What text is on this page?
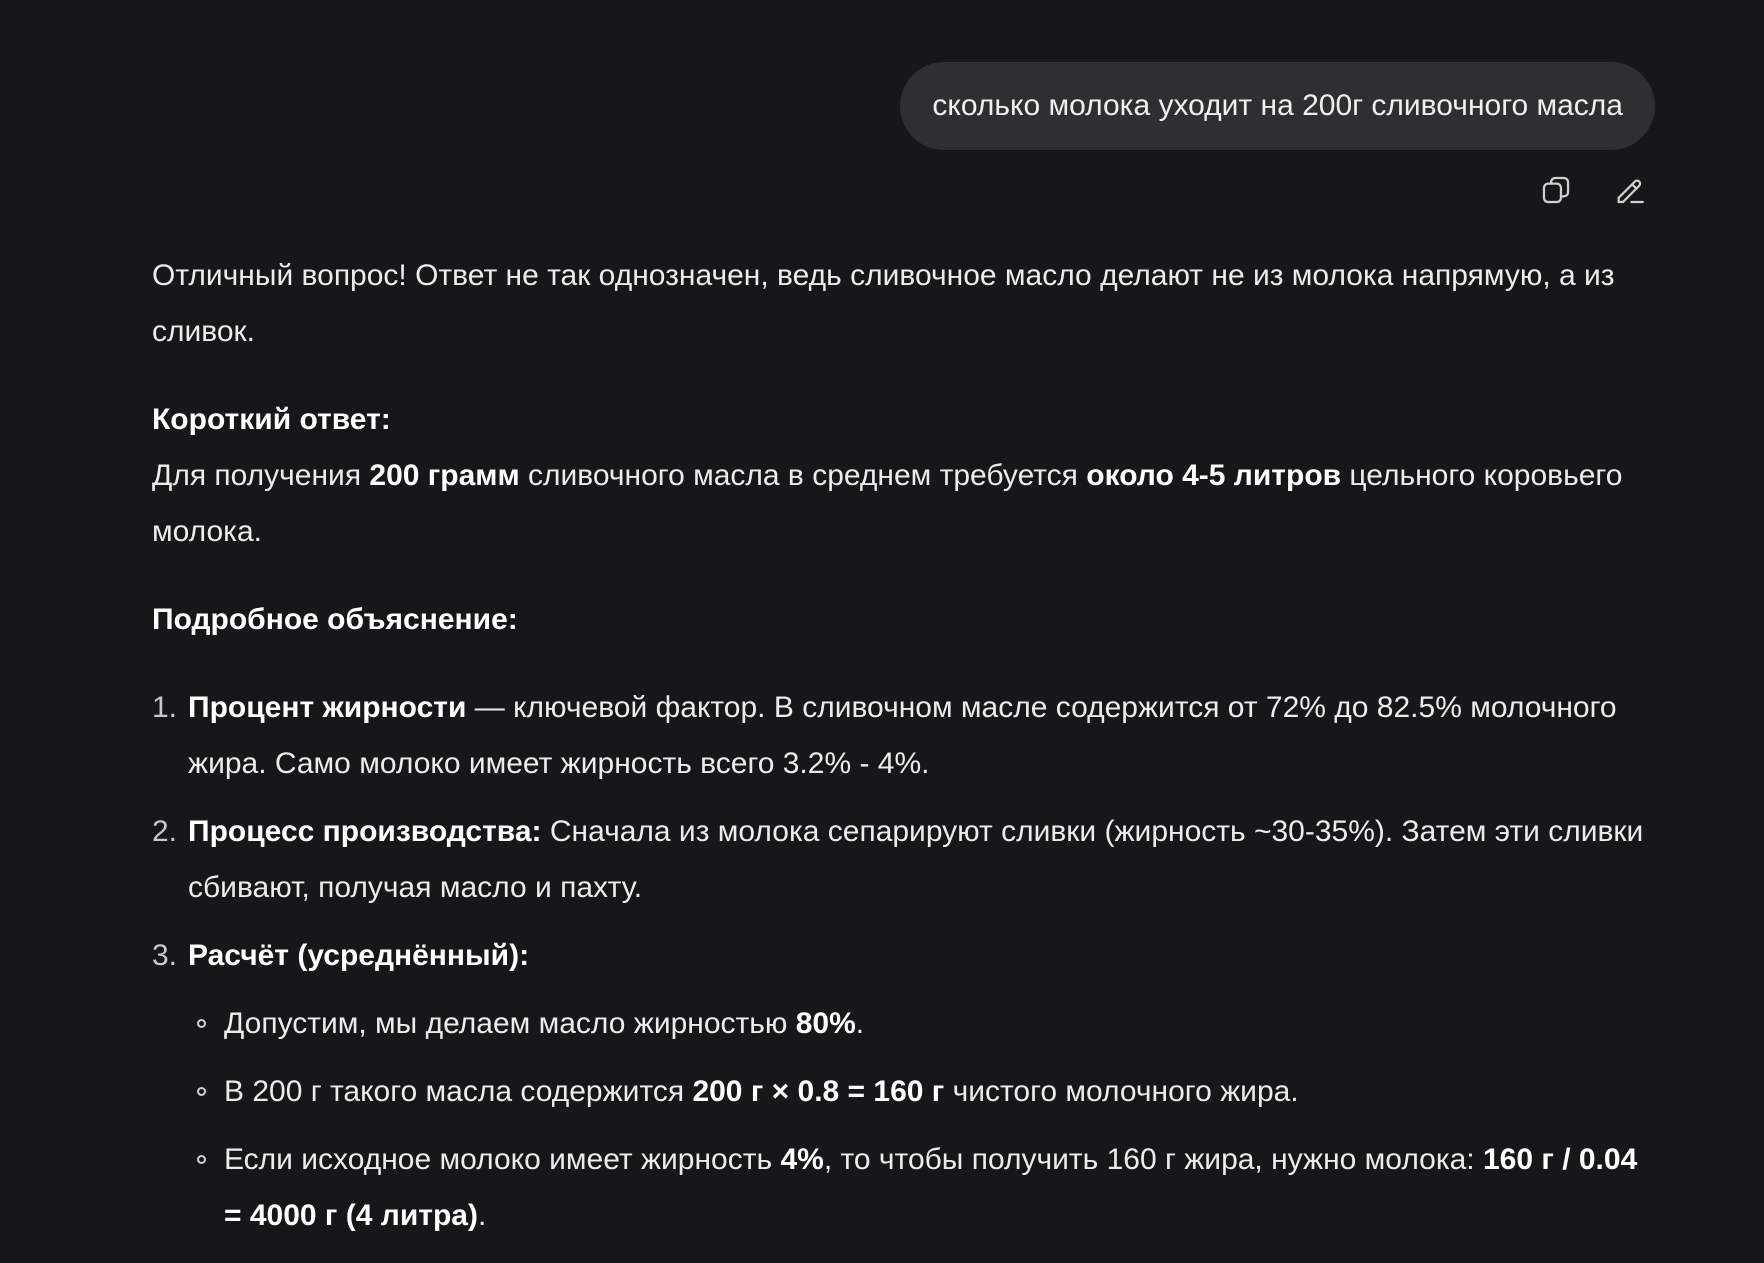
сколько молока уходит на 200г сливочного масла

Отличный вопрос! Ответ не так однозначен, ведь сливочное масло делают не из молока напрямую, а из сливок.

Короткий ответ:
Для получения 200 грамм сливочного масла в среднем требуется около 4-5 литров цельного коровьего молока.

Подробное объяснение:

1. Процент жирности — ключевой фактор. В сливочном масле содержится от 72% до 82.5% молочного жира. Само молоко имеет жирность всего 3.2% - 4%.
2. Процесс производства: Сначала из молока сепарируют сливки (жирность ~30-35%). Затем эти сливки сбивают, получая масло и пахту.
3. Расчёт (усреднённый):
Допустим, мы делаем масло жирностью 80%.
В 200 г такого масла содержится 200 г × 0.8 = 160 г чистого молочного жира.
Если исходное молоко имеет жирность 4%, то чтобы получить 160 г жира, нужно молока: 160 г / 0.04 = 4000 г (4 литра).
